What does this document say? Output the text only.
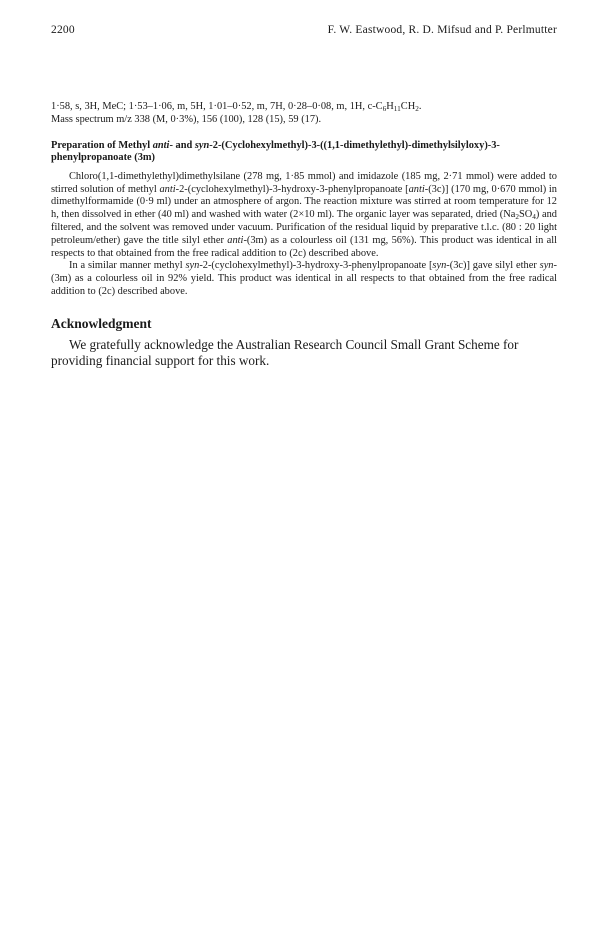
2200	F. W. Eastwood, R. D. Mifsud and P. Perlmutter

1·58, s, 3H, MeC; 1·53–1·06, m, 5H, 1·01–0·52, m, 7H, 0·28–0·08, m, 1H, $c-C_6H_{11}CH_2$.

Mass spectrum m/z 338 (M, 0·3%), 156 (100), 128 (15), 59 (17).

Preparation of Methyl anti- and syn-2-(Cyclohexylmethyl)-3-((1,1-dimethylethyl)-dimethylsilyloxy)-3-phenylpropanoate (3m)

Chloro(1,1-dimethylethyl)dimethylsilane (278 mg, 1·85 mmol) and imidazole (185 mg, 2·71 mmol) were added to stirred solution of methyl anti-2-(cyclohexylmethyl)-3-hydroxy-3-phenylpropanoate [anti-(3c)] (170 mg, 0·670 mmol) in dimethylformamide (0·9 ml) under an atmosphere of argon. The reaction mixture was stirred at room temperature for 12 h, then dissolved in ether (40 ml) and washed with water (2×10 ml). The organic layer was separated, dried $(Na_2SO_4)$ and filtered, and the solvent was removed under vacuum. Purification of the residual liquid by preparative t.l.c. (80 : 20 light petroleum/ether) gave the title silyl ether anti-(3m) as a colourless oil (131 mg, 56%). This product was identical in all respects to that obtained from the free radical addition to (2c) described above.

In a similar manner methyl syn-2-(cyclohexylmethyl)-3-hydroxy-3-phenylpropanoate [syn-(3c)] gave silyl ether syn-(3m) as a colourless oil in 92% yield. This product was identical in all respects to that obtained from the free radical addition to (2c) described above.

Acknowledgment

We gratefully acknowledge the Australian Research Council Small Grant Scheme for providing financial support for this work.
